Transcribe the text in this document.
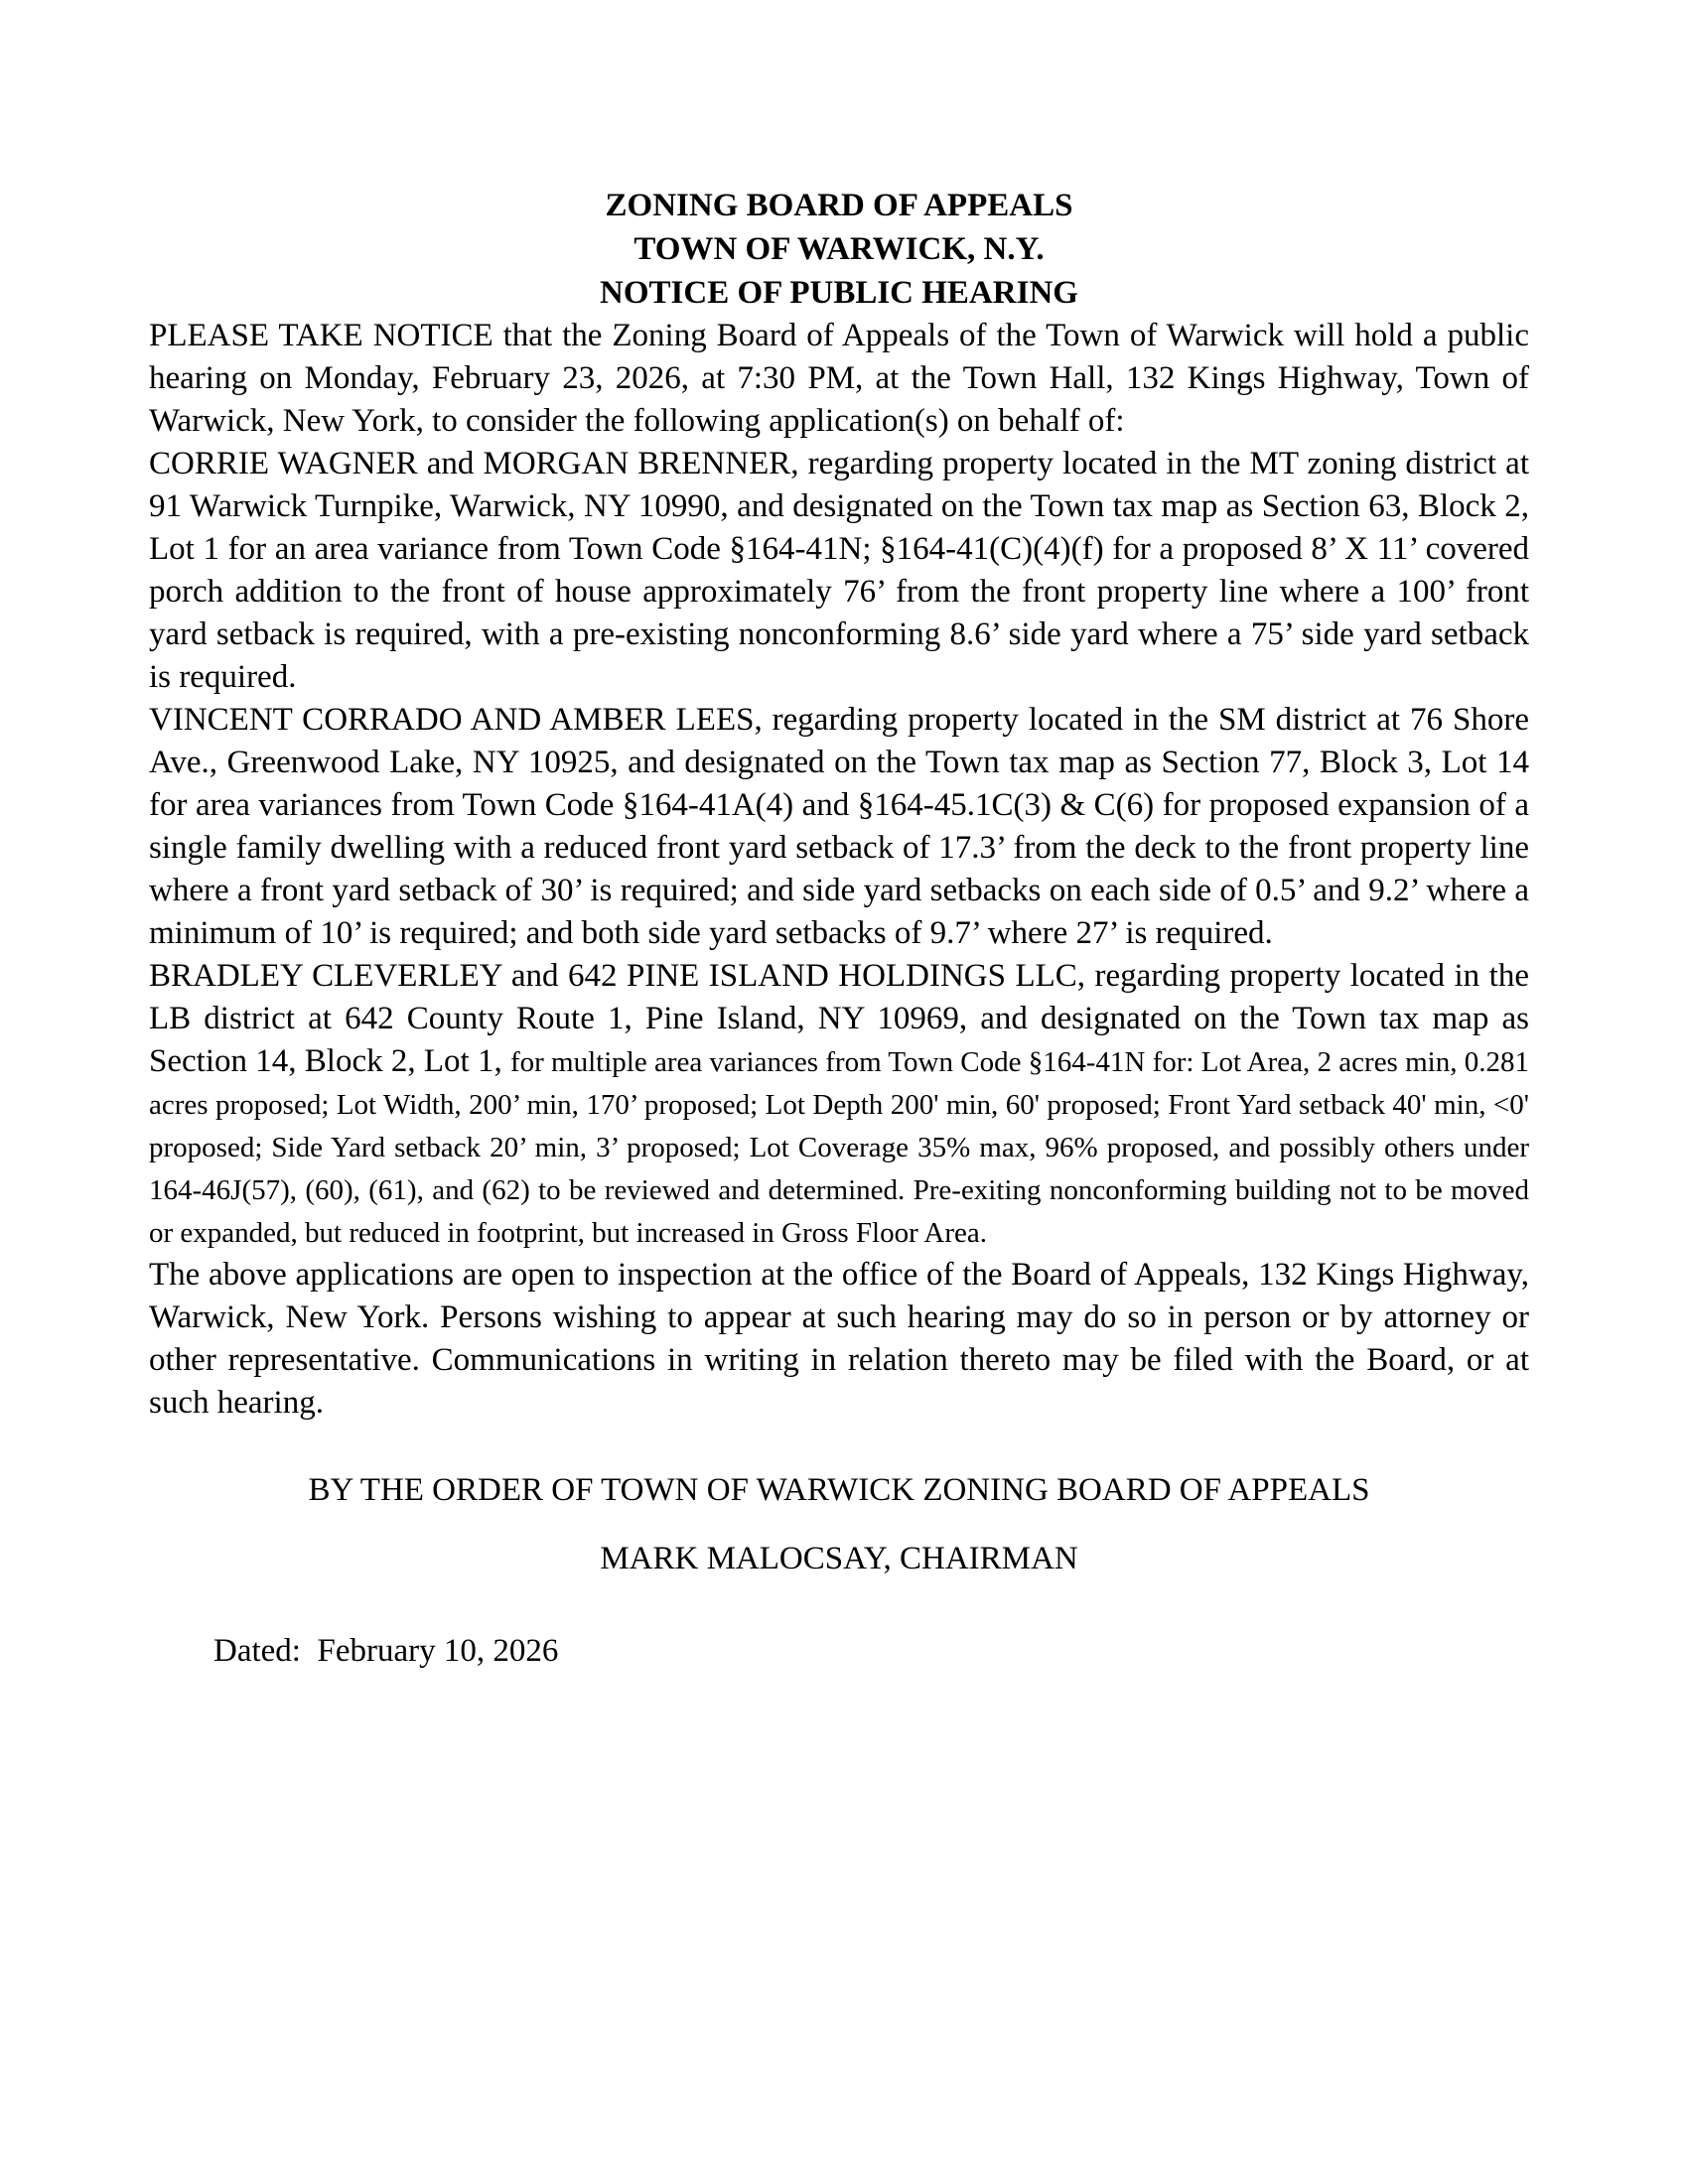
ZONING BOARD OF APPEALS
TOWN OF WARWICK, N.Y.
NOTICE OF PUBLIC HEARING

PLEASE TAKE NOTICE that the Zoning Board of Appeals of the Town of Warwick will hold a public hearing on Monday, February 23, 2026, at 7:30 PM, at the Town Hall, 132 Kings Highway, Town of Warwick, New York, to consider the following application(s) on behalf of:

CORRIE WAGNER and MORGAN BRENNER, regarding property located in the MT zoning district at 91 Warwick Turnpike, Warwick, NY 10990, and designated on the Town tax map as Section 63, Block 2, Lot 1 for an area variance from Town Code §164-41N; §164-41(C)(4)(f) for a proposed 8’ X 11’ covered porch addition to the front of house approximately 76’ from the front property line where a 100’ front yard setback is required, with a pre-existing nonconforming 8.6’ side yard where a 75’ side yard setback is required.

VINCENT CORRADO AND AMBER LEES, regarding property located in the SM district at 76 Shore Ave., Greenwood Lake, NY 10925, and designated on the Town tax map as Section 77, Block 3, Lot 14 for area variances from Town Code §164-41A(4) and §164-45.1C(3) & C(6) for proposed expansion of a single family dwelling with a reduced front yard setback of 17.3’ from the deck to the front property line where a front yard setback of 30’ is required; and side yard setbacks on each side of 0.5’ and 9.2’ where a minimum of 10’ is required; and both side yard setbacks of 9.7’ where 27’ is required.

BRADLEY CLEVERLEY and 642 PINE ISLAND HOLDINGS LLC, regarding property located in the LB district at 642 County Route 1, Pine Island, NY 10969, and designated on the Town tax map as Section 14, Block 2, Lot 1, for multiple area variances from Town Code §164-41N for: Lot Area, 2 acres min, 0.281 acres proposed; Lot Width, 200’ min, 170’ proposed; Lot Depth 200' min, 60' proposed; Front Yard setback 40' min, <0' proposed; Side Yard setback 20’ min, 3’ proposed; Lot Coverage 35% max, 96% proposed, and possibly others under 164-46J(57), (60), (61), and (62) to be reviewed and determined. Pre-exiting nonconforming building not to be moved or expanded, but reduced in footprint, but increased in Gross Floor Area.

The above applications are open to inspection at the office of the Board of Appeals, 132 Kings Highway, Warwick, New York. Persons wishing to appear at such hearing may do so in person or by attorney or other representative. Communications in writing in relation thereto may be filed with the Board, or at such hearing.

BY THE ORDER OF TOWN OF WARWICK ZONING BOARD OF APPEALS

MARK MALOCSAY, CHAIRMAN

Dated:  February 10, 2026
